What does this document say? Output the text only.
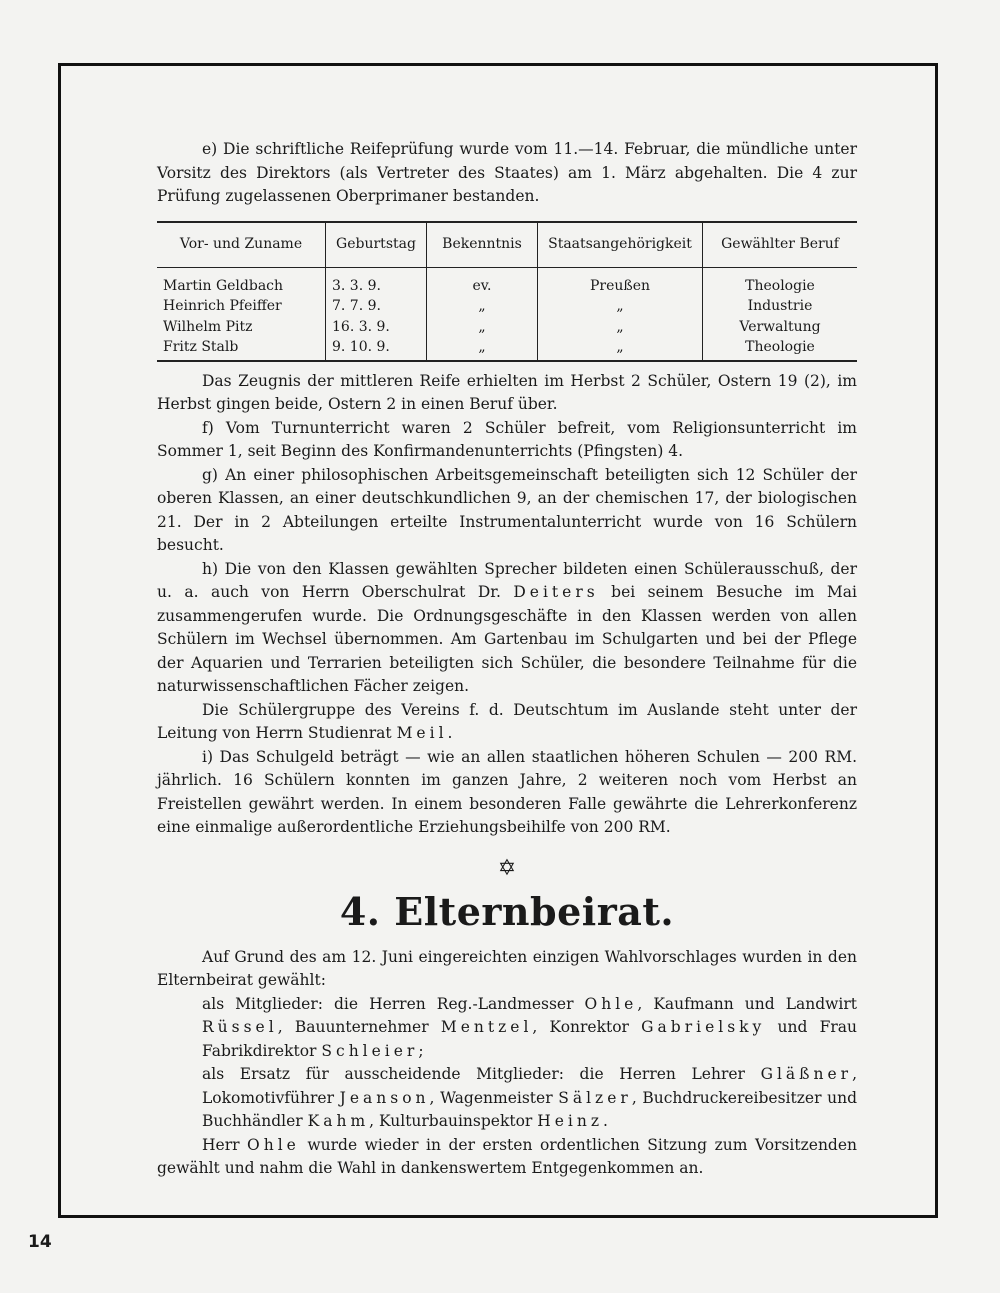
e) Die schriftliche Reifeprüfung wurde vom 11.—14. Februar, die mündliche unter Vorsitz des Direktors (als Vertreter des Staates) am 1. März abgehalten. Die 4 zur Prüfung zugelassenen Oberprimaner bestanden.

Vor- und Zuname	Geburtstag	Bekenntnis	Staatsangehörigkeit	Gewählter Beruf
Martin Geldbach	3. 3. 9.	ev.	Preußen	Theologie
Heinrich Pfeiffer	7. 7. 9.	„	„	Industrie
Wilhelm Pitz	16. 3. 9.	„	„	Verwaltung
Fritz Stalb	9. 10. 9.	„	„	Theologie

Das Zeugnis der mittleren Reife erhielten im Herbst 2 Schüler, Ostern 19 (2), im Herbst gingen beide, Ostern 2 in einen Beruf über.

f) Vom Turnunterricht waren 2 Schüler befreit, vom Religionsunterricht im Sommer 1, seit Beginn des Konfirmandenunterrichts (Pfingsten) 4.

g) An einer philosophischen Arbeitsgemeinschaft beteiligten sich 12 Schüler der oberen Klassen, an einer deutschkundlichen 9, an der chemischen 17, der biologischen 21. Der in 2 Abteilungen erteilte Instrumentalunterricht wurde von 16 Schülern besucht.

h) Die von den Klassen gewählten Sprecher bildeten einen Schülerausschuß, der u. a. auch von Herrn Oberschulrat Dr. Deiters bei seinem Besuche im Mai zusammengerufen wurde. Die Ordnungsgeschäfte in den Klassen werden von allen Schülern im Wechsel übernommen. Am Gartenbau im Schulgarten und bei der Pflege der Aquarien und Terrarien beteiligten sich Schüler, die besondere Teilnahme für die naturwissenschaftlichen Fächer zeigen.

Die Schülergruppe des Vereins f. d. Deutschtum im Auslande steht unter der Leitung von Herrn Studienrat Meil.

i) Das Schulgeld beträgt — wie an allen staatlichen höheren Schulen — 200 RM. jährlich. 16 Schülern konnten im ganzen Jahre, 2 weiteren noch vom Herbst an Freistellen gewährt werden. In einem besonderen Falle gewährte die Lehrerkonferenz eine einmalige außerordentliche Erziehungsbeihilfe von 200 RM.

✡
4. Elternbeirat.

Auf Grund des am 12. Juni eingereichten einzigen Wahlvorschlages wurden in den Elternbeirat gewählt:

als Mitglieder: die Herren Reg.-Landmesser Ohle, Kaufmann und Landwirt Rüssel, Bauunternehmer Mentzel, Konrektor Gabrielsky und Frau Fabrikdirektor Schleier;

als Ersatz für ausscheidende Mitglieder: die Herren Lehrer Gläßner, Lokomotivführer Jeanson, Wagenmeister Sälzer, Buchdruckereibesitzer und Buchhändler Kahm, Kulturbauinspektor Heinz.

Herr Ohle wurde wieder in der ersten ordentlichen Sitzung zum Vorsitzenden gewählt und nahm die Wahl in dankenswertem Entgegenkommen an.

14
